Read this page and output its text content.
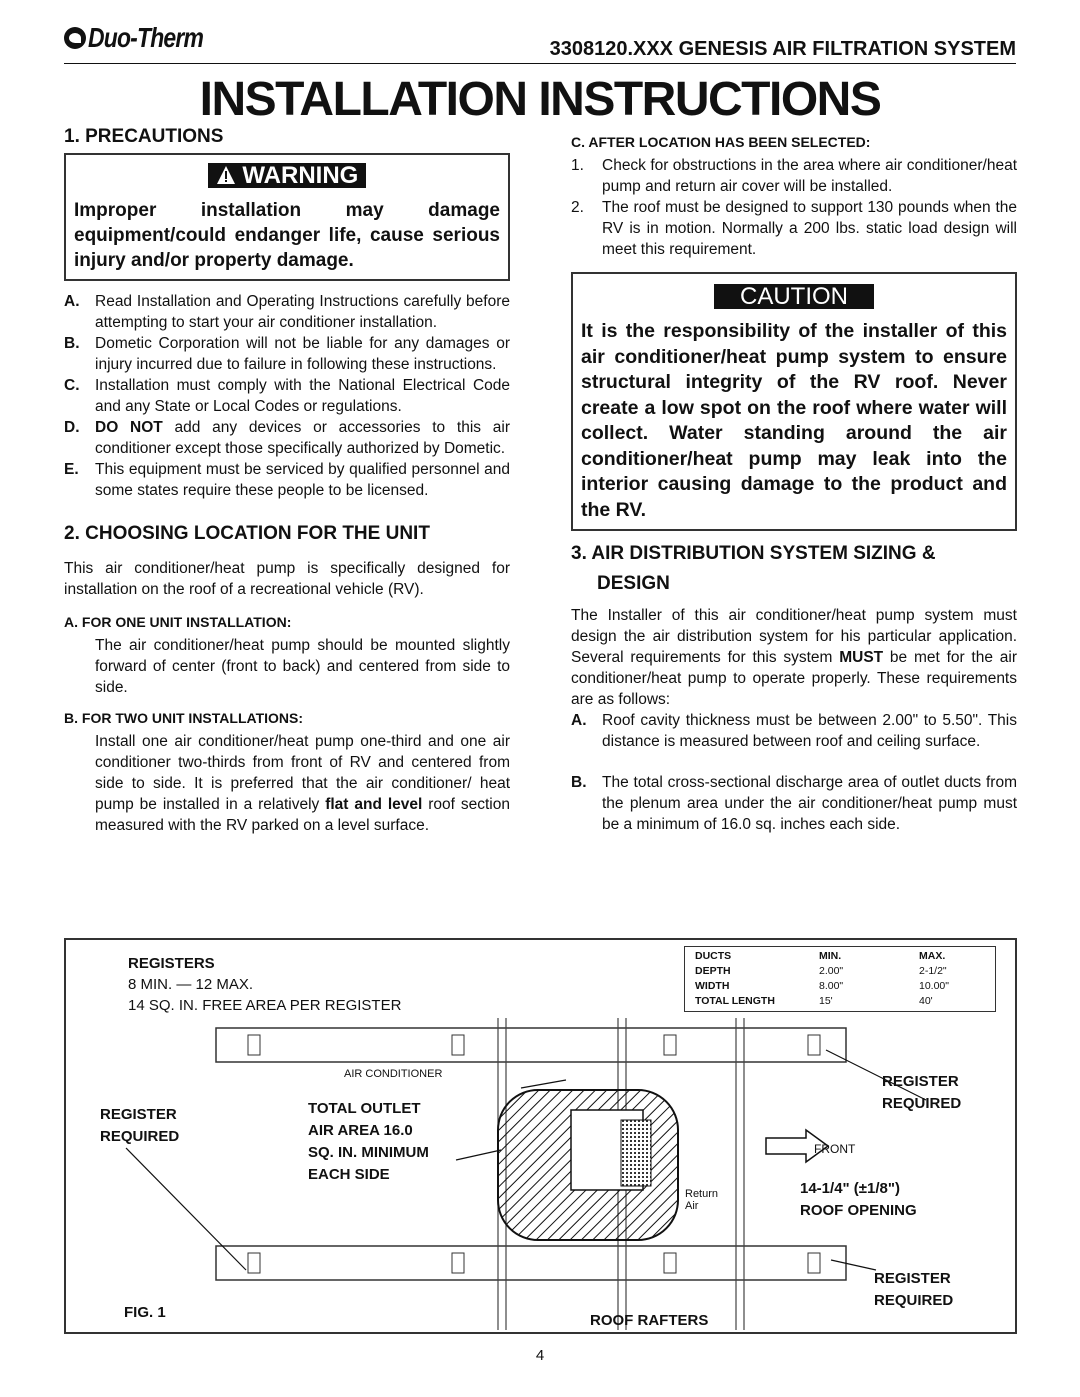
Duo-Therm	3308120.XXX GENESIS AIR FILTRATION SYSTEM
INSTALLATION INSTRUCTIONS
1. PRECAUTIONS
WARNING
Improper installation may damage equipment/could endanger life, cause serious injury and/or property damage.
A.	Read Installation and Operating Instructions carefully before attempting to start your air conditioner installation.
B.	Dometic Corporation will not be liable for any damages or injury incurred due to failure in following these instructions.
C.	Installation must comply with the National Electrical Code and any State or Local Codes or regulations.
D.	DO NOT add any devices or accessories to this air conditioner except those specifically authorized by Dometic.
E.	This equipment must be serviced by qualified personnel and some states require these people to be licensed.
2. CHOOSING LOCATION FOR THE UNIT
This air conditioner/heat pump is specifically designed for installation on the roof of a recreational vehicle (RV).
A. FOR ONE UNIT INSTALLATION:
The air conditioner/heat pump should be mounted slightly forward of center (front to back) and centered from side to side.
B. FOR TWO UNIT INSTALLATIONS:
Install one air conditioner/heat pump one-third and one air conditioner two-thirds from front of RV and centered from side to side. It is preferred that the air conditioner/ heat pump be installed in a relatively flat and level roof section measured with the RV parked on a level surface.
C. AFTER LOCATION HAS BEEN SELECTED:
1.	Check for obstructions in the area where air conditioner/heat pump and return air cover will be installed.
2.	The roof must be designed to support 130 pounds when the RV is in motion. Normally a 200 lbs. static load design will meet this requirement.
CAUTION
It is the responsibility of the installer of this air conditioner/heat pump system to ensure structural integrity of the RV roof. Never create a low spot on the roof where water will collect. Water standing around the air conditioner/heat pump may leak into the interior causing damage to the product and the RV.
3. AIR DISTRIBUTION SYSTEM SIZING &
DESIGN
The Installer of this air conditioner/heat pump system must design the air distribution system for his particular application. Several requirements for this system MUST be met for the air conditioner/heat pump to operate properly. These requirements are as follows:
A.	Roof cavity thickness must be between 2.00" to 5.50". This distance is measured between roof and ceiling surface.
B.	The total cross-sectional discharge area of outlet ducts from the plenum area under the air conditioner/heat pump must be a minimum of 16.0 sq. inches each side.
REGISTERS
8 MIN. — 12 MAX.
14 SQ. IN. FREE AREA PER REGISTER
DUCTS	MIN.	MAX.
DEPTH	2.00"	2-1/2"
WIDTH	8.00"	10.00"
TOTAL LENGTH	15'	40'
AIR CONDITIONER
REGISTER
REQUIRED
TOTAL OUTLET
AIR AREA 16.0
SQ. IN. MINIMUM
EACH SIDE
REGISTER
REQUIRED
FRONT
Return
Air
14-1/4" (±1/8")
ROOF OPENING
REGISTER
REQUIRED
FIG. 1	ROOF RAFTERS
4
